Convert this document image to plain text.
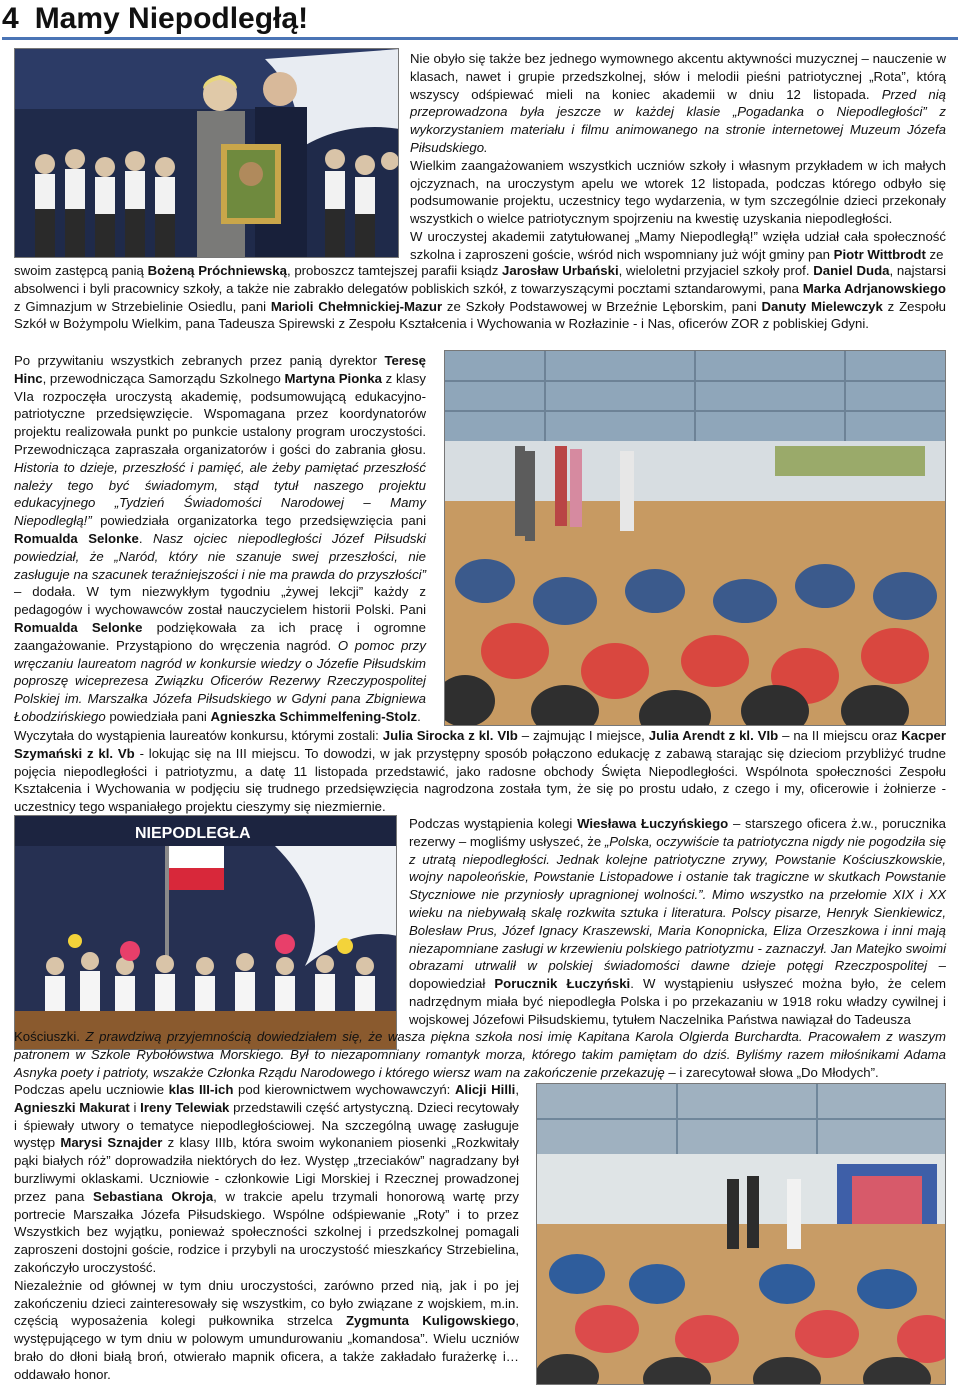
4 Mamy Niepodległą!

Nie obyło się także bez jednego wymownego akcentu aktywności muzycznej – nauczenie w klasach, nawet i grupie przedszkolnej, słów i melodii pieśni patriotycznej „Rota”, którą wszyscy odśpiewać mieli na koniec akademii w dniu 12 listopada. Przed nią przeprowadzona była jeszcze w każdej klasie „Pogadanka o Niepodległości” z wykorzystaniem materiału i filmu animowanego na stronie internetowej Muzeum Józefa Piłsudskiego.

Wielkim zaangażowaniem wszystkich uczniów szkoły i własnym przykładem w ich małych ojczyznach, na uroczystym apelu we wtorek 12 listopada, podczas którego odbyło się podsumowanie projektu, uczestnicy tego wydarzenia, w tym szczególnie dzieci przekonały wszystkich o wielce patriotycznym spojrzeniu na kwestię uzyskania niepodległości.

W uroczystej akademii zatytułowanej „Mamy Niepodległą!” wzięła udział cała społeczność szkolna i zaproszeni goście, wśród nich wspomniany już wójt gminy pan Piotr Wittbrodt ze

swoim zastępcą panią Bożeną Próchniewską, proboszcz tamtejszej parafii ksiądz Jarosław Urbański, wieloletni przyjaciel szkoły prof. Daniel Duda, najstarsi absolwenci i byli pracownicy szkoły, a także nie zabrakło delegatów pobliskich szkół, z towarzyszącymi pocztami sztandarowymi, pana Marka Adrjanowskiego z Gimnazjum w Strzebielinie Osiedlu, pani Marioli Chełmnickiej-Mazur ze Szkoły Podstawowej w Brzeźnie Lęborskim, pani Danuty Mielewczyk z Zespołu Szkół w Bożympolu Wielkim, pana Tadeusza Spirewski z Zespołu Kształcenia i Wychowania w Rozłazinie - i Nas, oficerów ZOR z pobliskiej Gdyni.

Po przywitaniu wszystkich zebranych przez panią dyrektor Teresę Hinc, przewodnicząca Samorządu Szkolnego Martyna Pionka z klasy VIa rozpoczęła uroczystą akademię, podsumowującą edukacyjno-patriotyczne przedsięwzięcie. Wspomagana przez koordynatorów projektu realizowała punkt po punkcie ustalony program uroczystości. Przewodnicząca zapraszała organizatorów i gości do zabrania głosu. Historia to dzieje, przeszłość i pamięć, ale żeby pamiętać przeszłość należy tego być świadomym, stąd tytuł naszego projektu edukacyjnego „Tydzień Świadomości Narodowej – Mamy Niepodległą!” powiedziała organizatorka tego przedsięwzięcia pani Romualda Selonke. Nasz ojciec niepodległości Józef Piłsudski powiedział, że „Naród, który nie szanuje swej przeszłości, nie zasługuje na szacunek teraźniejszości i nie ma prawda do przyszłości” – dodała. W tym niezwykłym tygodniu „żywej lekcji” każdy z pedagogów i wychowawców został nauczycielem historii Polski. Pani Romualda Selonke podziękowała za ich pracę i ogromne zaangażowanie. Przystąpiono do wręczenia nagród. O pomoc przy wręczaniu laureatom nagród w konkursie wiedzy o Józefie Piłsudskim poproszę wiceprezesa Związku Oficerów Rezerwy Rzeczypospolitej Polskiej im. Marszałka Józefa Piłsudskiego w Gdyni pana Zbigniewa Łobodzińskiego powiedziała pani Agnieszka Schimmelfening-Stolz.

Wyczytała do wystąpienia laureatów konkursu, którymi zostali: Julia Sirocka z kl. VIb – zajmując I miejsce, Julia Arendt z kl. VIb – na II miejscu oraz Kacper Szymański z kl. Vb - lokując się na III miejscu. To dowodzi, w jak przystępny sposób połączono edukację z zabawą starając się dzieciom przybliżyć trudne pojęcia niepodległości i patriotyzmu, a datę 11 listopada przedstawić, jako radosne obchody Święta Niepodległości. Wspólnota społeczności Zespołu Kształcenia i Wychowania w podjęciu się trudnego przedsięwzięcia nagrodzona została tym, że się po prostu udało, z czego i my, oficerowie i żołnierze - uczestnicy tego wspaniałego projektu cieszymy się niezmiernie.

NIEPODLEGŁA

Podczas wystąpienia kolegi Wiesława Łuczyńskiego – starszego oficera ż.w., porucznika rezerwy – mogliśmy usłyszeć, że „Polska, oczywiście ta patriotyczna nigdy nie pogodziła się z utratą niepodległości. Jednak kolejne patriotyczne zrywy, Powstanie Kościuszkowskie, wojny napoleońskie, Powstanie Listopadowe i ostanie tak tragiczne w skutkach Powstanie Styczniowe nie przyniosły upragnionej wolności.”. Mimo wszystko na przełomie XIX i XX wieku na niebywałą skalę rozkwita sztuka i literatura. Polscy pisarze, Henryk Sienkiewicz, Bolesław Prus, Józef Ignacy Kraszewski, Maria Konopnicka, Eliza Orzeszkowa i inni mają niezapomniane zasługi w krzewieniu polskiego patriotyzmu - zaznaczył. Jan Matejko swoimi obrazami utrwalił w polskiej świadomości dawne dzieje potęgi Rzeczpospolitej – dopowiedział Porucznik Łuczyński. W wystąpieniu usłyszeć można było, że celem nadrzędnym miała być niepodległa Polska i po przekazaniu w 1918 roku władzy cywilnej i wojskowej Józefowi Piłsudskiemu, tytułem Naczelnika Państwa nawiązał do Tadeusza

Kościuszki. Z prawdziwą przyjemnością dowiedziałem się, że wasza piękna szkoła nosi imię Kapitana Karola Olgierda Burchardta. Pracowałem z waszym patronem w Szkole Rybołówstwa Morskiego. Był to niezapomniany romantyk morza, którego takim pamiętam do dziś. Byliśmy razem miłośnikami Adama Asnyka poety i patrioty, wszakże Członka Rządu Narodowego i którego wiersz wam na zakończenie przekazuję – i zarecytował słowa „Do Młodych”.

Podczas apelu uczniowie klas III-ich pod kierownictwem wychowawczyń: Alicji Hilli, Agnieszki Makurat i Ireny Telewiak przedstawili część artystyczną. Dzieci recytowały i śpiewały utwory o tematyce niepodległościowej. Na szczególną uwagę zasługuje występ Marysi Sznajder z klasy IIIb, która swoim wykonaniem piosenki „Rozkwitały pąki białych róż” doprowadziła niektórych do łez. Występ „trzeciaków” nagradzany był burzliwymi oklaskami. Uczniowie - członkowie Ligi Morskiej i Rzecznej prowadzonej przez pana Sebastiana Okroja, w trakcie apelu trzymali honorową wartę przy portrecie Marszałka Józefa Piłsudskiego. Wspólne odśpiewanie „Roty” i to przez Wszystkich bez wyjątku, ponieważ społeczności szkolnej i przedszkolnej pomagali zaproszeni dostojni goście, rodzice i przybyli na uroczystość mieszkańcy Strzebielina, zakończyło uroczystość.

Niezależnie od głównej w tym dniu uroczystości, zarówno przed nią, jak i po jej zakończeniu dzieci zainteresowały się wszystkim, co było związane z wojskiem, m.in. częścią wyposażenia kolegi pułkownika strzelca Zygmunta Kuligowskiego, występującego w tym dniu w polowym umundurowaniu „komandosa”. Wielu uczniów brało do dłoni białą broń, otwierało mapnik oficera, a także zakładało furażerkę i… oddawało honor.
